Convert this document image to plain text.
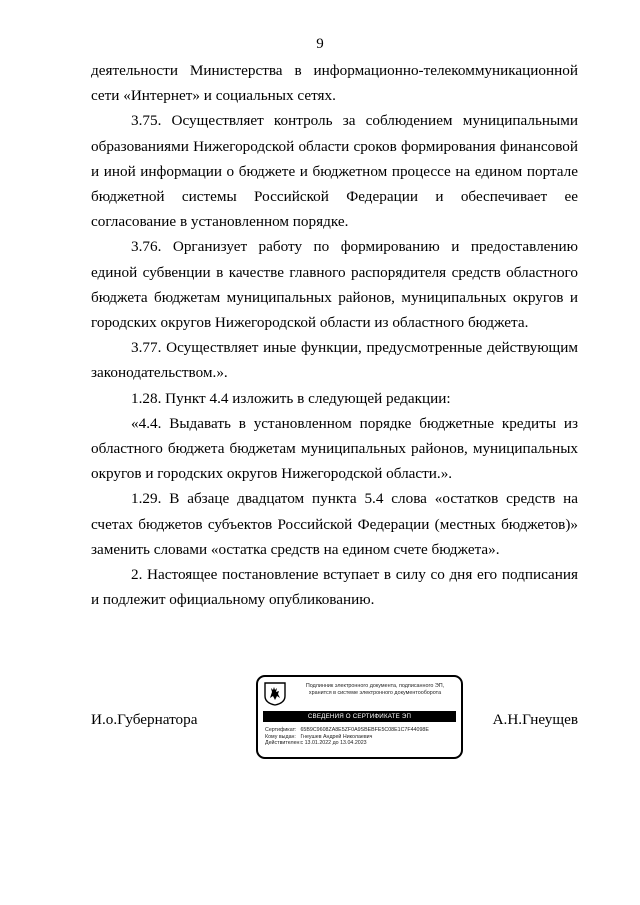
9

деятельности Министерства в информационно-телекоммуникационной сети «Интернет» и социальных сетях.

3.75. Осуществляет контроль за соблюдением муниципальными образованиями Нижегородской области сроков формирования финансовой и иной информации о бюджете и бюджетном процессе на едином портале бюджетной системы Российской Федерации и обеспечивает ее согласование в установленном порядке.

3.76. Организует работу по формированию и предоставлению единой субвенции в качестве главного распорядителя средств областного бюджета бюджетам муниципальных районов, муниципальных округов и городских округов Нижегородской области из областного бюджета.

3.77. Осуществляет иные функции, предусмотренные действующим законодательством.».

1.28. Пункт 4.4 изложить в следующей редакции:

«4.4. Выдавать в установленном порядке бюджетные кредиты из областного бюджета бюджетам муниципальных районов, муниципальных округов и городских округов Нижегородской области.».

1.29. В абзаце двадцатом пункта 5.4 слова «остатков средств на счетах бюджетов субъектов Российской Федерации (местных бюджетов)» заменить словами «остатка средств на едином счете бюджета».

2. Настоящее постановление вступает в силу со дня его подписания и подлежит официальному опубликованию.

И.о.Губернатора
Подлинник электронного документа, подписанного ЭП,
хранится в системе электронного документооборота
СВЕДЕНИЯ О СЕРТИФИКАТЕ ЭП
Сертификат: 65B9C9608ZA8E5ZF0A9SBEBFE5C08E1C7F44098E
Кому выдан: Гнеушев Андрей Николаевич
Действителен: с 13.01.2022 до 13.04.2023
А.Н.Гнеущев
